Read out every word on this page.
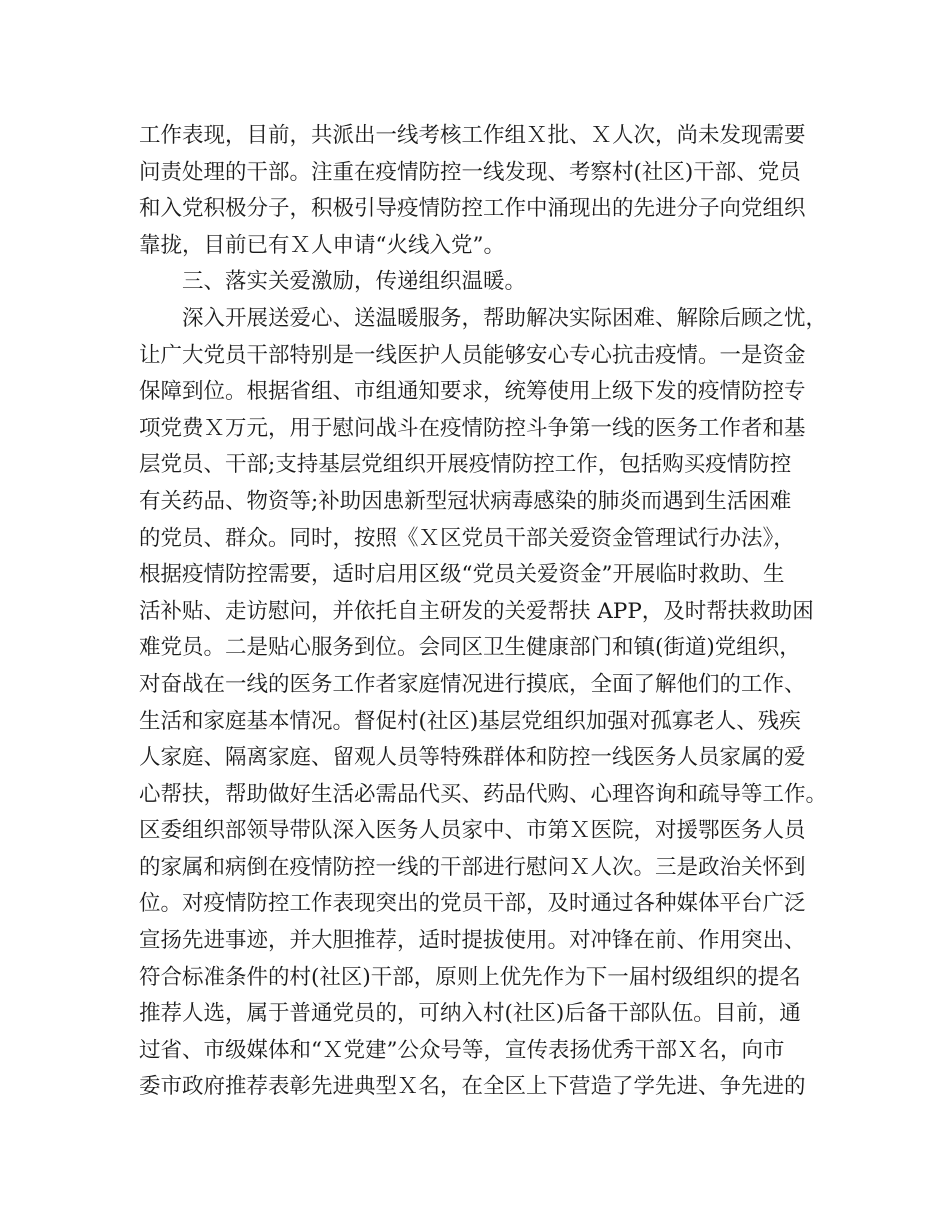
工作表现，目前，共派出一线考核工作组Ｘ批、Ｘ人次，尚未发现需要
问责处理的干部。注重在疫情防控一线发现、考察村(社区)干部、党员
和入党积极分子，积极引导疫情防控工作中涌现出的先进分子向党组织
靠拢，目前已有Ｘ人申请“火线入党”。
三、落实关爱激励，传递组织温暖。
深入开展送爱心、送温暖服务，帮助解决实际困难、解除后顾之忧，
让广大党员干部特别是一线医护人员能够安心专心抗击疫情。一是资金
保障到位。根据省组、市组通知要求，统筹使用上级下发的疫情防控专
项党费Ｘ万元，用于慰问战斗在疫情防控斗争第一线的医务工作者和基
层党员、干部;支持基层党组织开展疫情防控工作，包括购买疫情防控
有关药品、物资等;补助因患新型冠状病毒感染的肺炎而遇到生活困难
的党员、群众。同时，按照《Ｘ区党员干部关爱资金管理试行办法》，
根据疫情防控需要，适时启用区级“党员关爱资金”开展临时救助、生
活补贴、走访慰问，并依托自主研发的关爱帮扶 APP，及时帮扶救助困
难党员。二是贴心服务到位。会同区卫生健康部门和镇(街道)党组织，
对奋战在一线的医务工作者家庭情况进行摸底，全面了解他们的工作、
生活和家庭基本情况。督促村(社区)基层党组织加强对孤寡老人、残疾
人家庭、隔离家庭、留观人员等特殊群体和防控一线医务人员家属的爱
心帮扶，帮助做好生活必需品代买、药品代购、心理咨询和疏导等工作。
区委组织部领导带队深入医务人员家中、市第Ｘ医院，对援鄂医务人员
的家属和病倒在疫情防控一线的干部进行慰问Ｘ人次。三是政治关怀到
位。对疫情防控工作表现突出的党员干部，及时通过各种媒体平台广泛
宣扬先进事迹，并大胆推荐，适时提拔使用。对冲锋在前、作用突出、
符合标准条件的村(社区)干部，原则上优先作为下一届村级组织的提名
推荐人选，属于普通党员的，可纳入村(社区)后备干部队伍。目前，通
过省、市级媒体和“Ｘ党建”公众号等，宣传表扬优秀干部Ｘ名，向市
委市政府推荐表彰先进典型Ｘ名，在全区上下营造了学先进、争先进的
